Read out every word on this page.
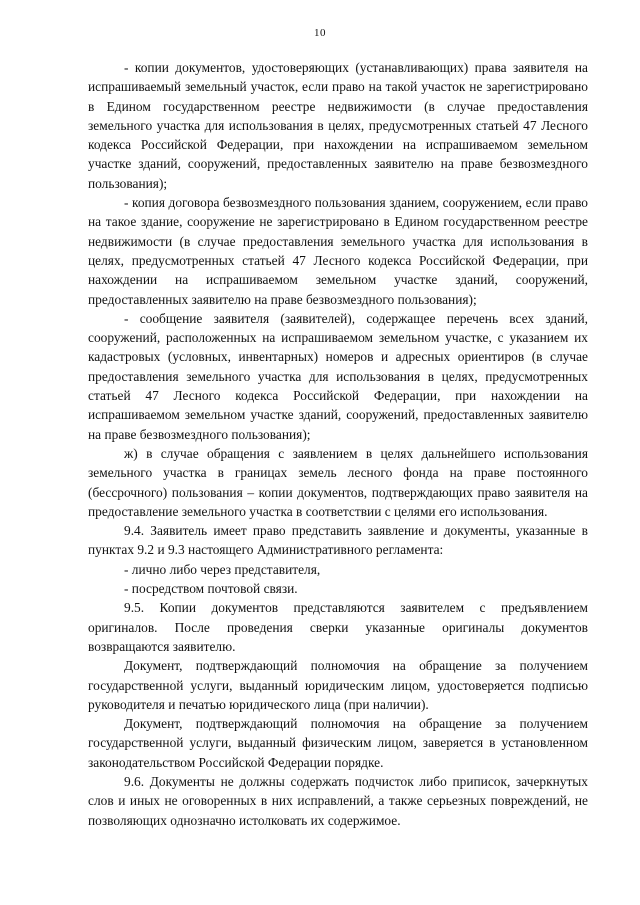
10

- копии документов, удостоверяющих (устанавливающих) права заявителя на испрашиваемый земельный участок, если право на такой участок не зарегистрировано в Едином государственном реестре недвижимости (в случае предоставления земельного участка для использования в целях, предусмотренных статьей 47 Лесного кодекса Российской Федерации, при нахождении на испрашиваемом земельном участке зданий, сооружений, предоставленных заявителю на праве безвозмездного пользования);

- копия договора безвозмездного пользования зданием, сооружением, если право на такое здание, сооружение не зарегистрировано в Едином государственном реестре недвижимости (в случае предоставления земельного участка для использования в целях, предусмотренных статьей 47 Лесного кодекса Российской Федерации, при нахождении на испрашиваемом земельном участке зданий, сооружений, предоставленных заявителю на праве безвозмездного пользования);

- сообщение заявителя (заявителей), содержащее перечень всех зданий, сооружений, расположенных на испрашиваемом земельном участке, с указанием их кадастровых (условных, инвентарных) номеров и адресных ориентиров (в случае предоставления земельного участка для использования в целях, предусмотренных статьей 47 Лесного кодекса Российской Федерации, при нахождении на испрашиваемом земельном участке зданий, сооружений, предоставленных заявителю на праве безвозмездного пользования);

ж) в случае обращения с заявлением в целях дальнейшего использования земельного участка в границах земель лесного фонда на праве постоянного (бессрочного) пользования – копии документов, подтверждающих право заявителя на предоставление земельного участка в соответствии с целями его использования.

9.4. Заявитель имеет право представить заявление и документы, указанные в пунктах 9.2 и 9.3 настоящего Административного регламента:

- лично либо через представителя,

- посредством почтовой связи.

9.5. Копии документов представляются заявителем с предъявлением оригиналов. После проведения сверки указанные оригиналы документов возвращаются заявителю.

Документ, подтверждающий полномочия на обращение за получением государственной услуги, выданный юридическим лицом, удостоверяется подписью руководителя и печатью юридического лица (при наличии).

Документ, подтверждающий полномочия на обращение за получением государственной услуги, выданный физическим лицом, заверяется в установленном законодательством Российской Федерации порядке.

9.6. Документы не должны содержать подчисток либо приписок, зачеркнутых слов и иных не оговоренных в них исправлений, а также серьезных повреждений, не позволяющих однозначно истолковать их содержимое.
